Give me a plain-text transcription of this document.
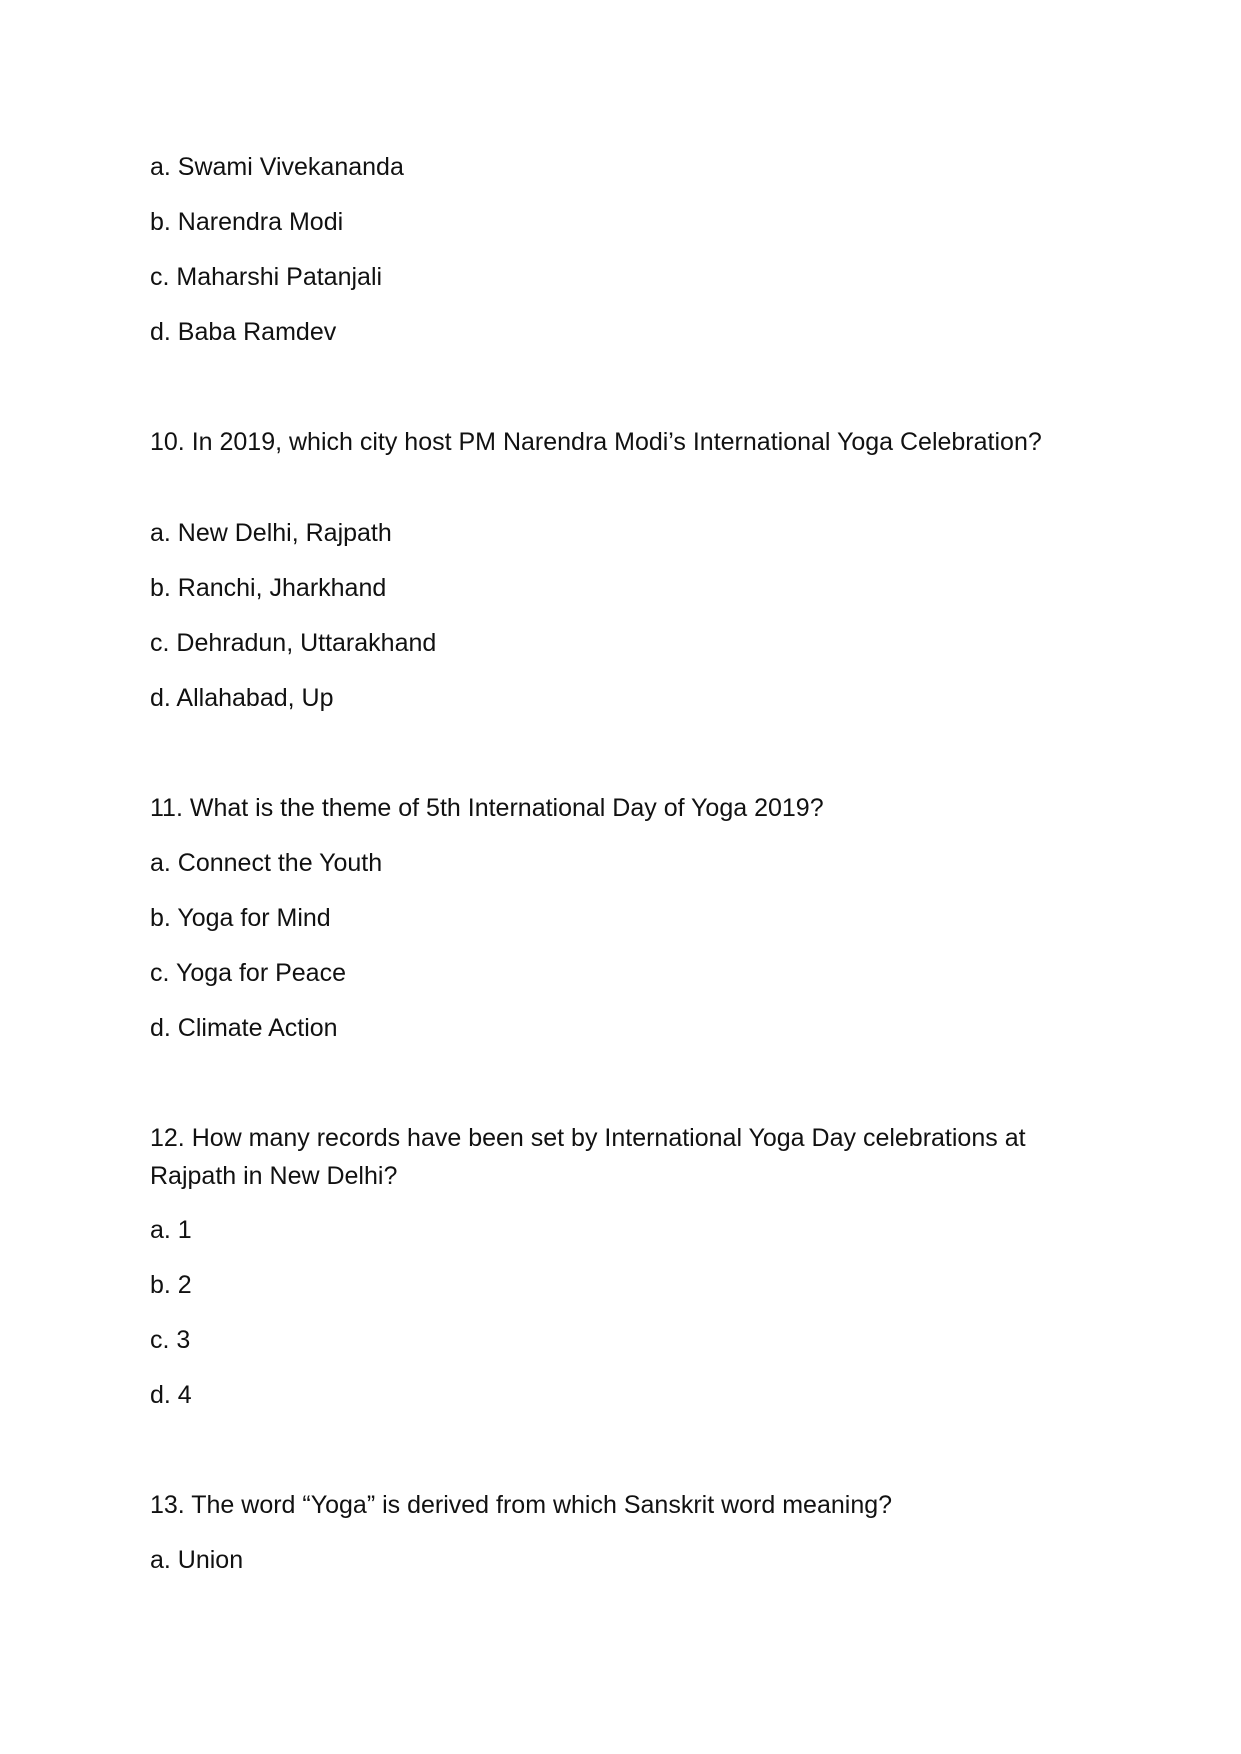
a. Swami Vivekananda
b. Narendra Modi
c. Maharshi Patanjali
d. Baba Ramdev
10. In 2019, which city host PM Narendra Modi’s International Yoga Celebration?
a. New Delhi, Rajpath
b. Ranchi, Jharkhand
c. Dehradun, Uttarakhand
d. Allahabad, Up
11. What is the theme of 5th International Day of Yoga 2019?
a. Connect the Youth
b. Yoga for Mind
c. Yoga for Peace
d. Climate Action
12. How many records have been set by International Yoga Day celebrations at Rajpath in New Delhi?
a. 1
b. 2
c. 3
d. 4
13. The word “Yoga” is derived from which Sanskrit word meaning?
a. Union
